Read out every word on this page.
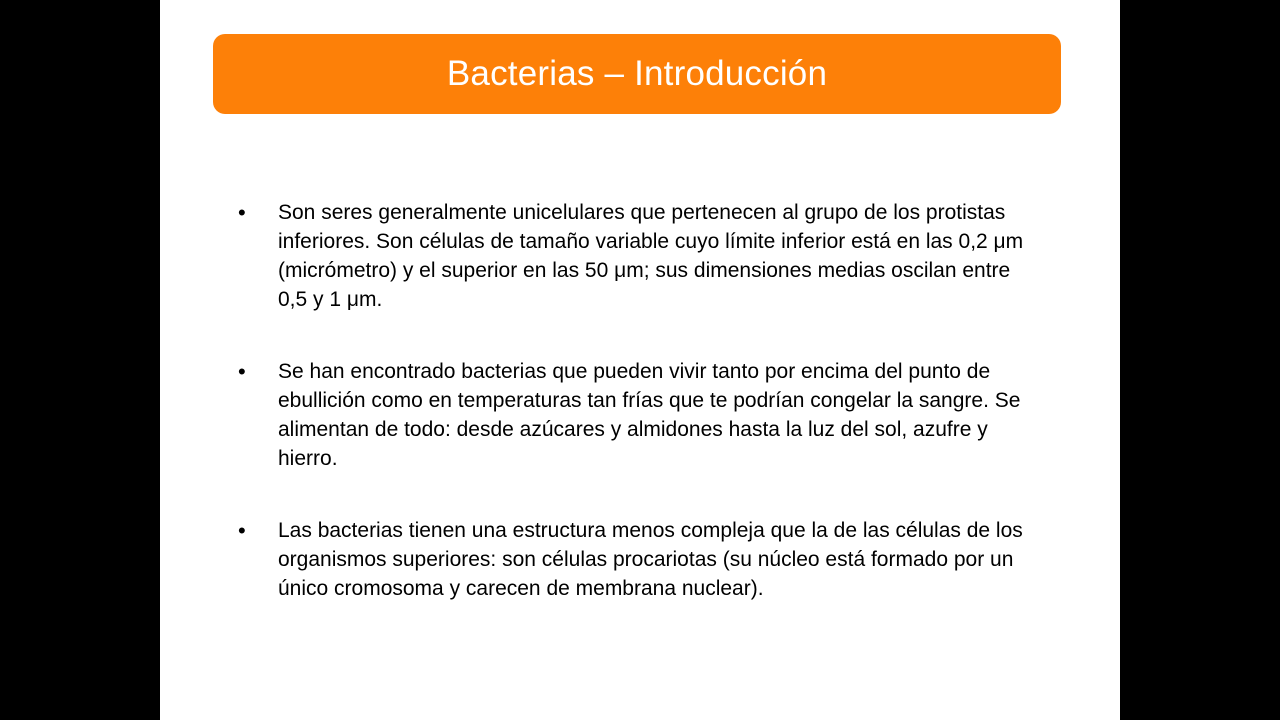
Bacterias – Introducción
• Son seres generalmente unicelulares que pertenecen al grupo de los protistas inferiores. Son células de tamaño variable cuyo límite inferior está en las 0,2 μm (micrómetro) y el superior en las 50 μm; sus dimensiones medias oscilan entre 0,5 y 1 μm.
• Se han encontrado bacterias que pueden vivir tanto por encima del punto de ebullición como en temperaturas tan frías que te podrían congelar la sangre. Se alimentan de todo: desde azúcares y almidones hasta la luz del sol, azufre y hierro.
• Las bacterias tienen una estructura menos compleja que la de las células de los organismos superiores: son células procariotas (su núcleo está formado por un único cromosoma y carecen de membrana nuclear).
